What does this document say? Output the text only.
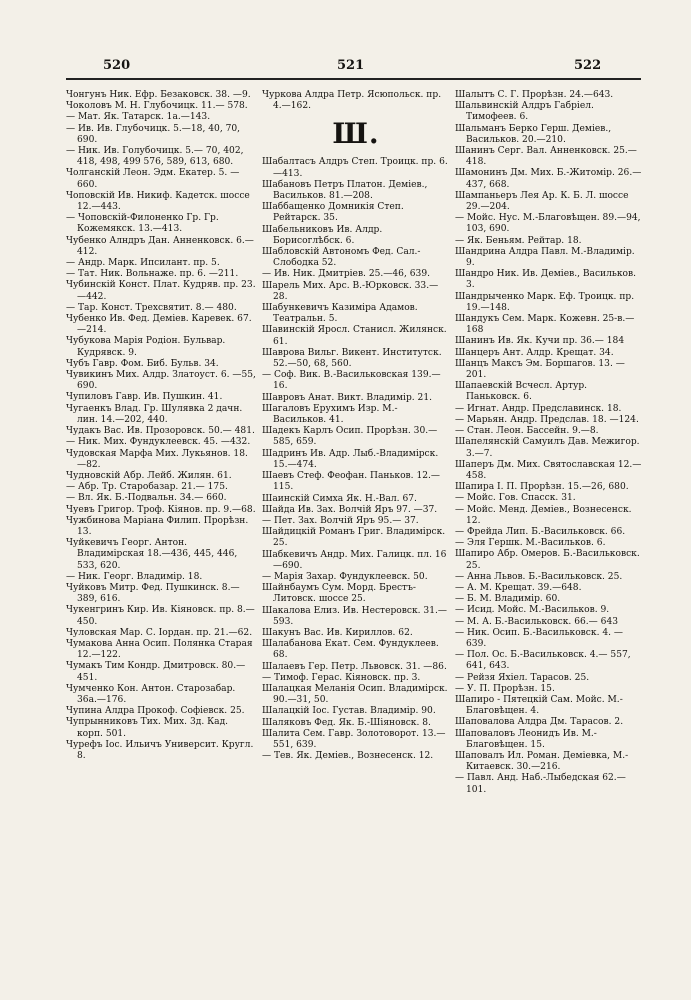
520	521	522
Чонгунъ Ник. Ефр. Безаковск. 38. —9.
Чоколовъ М. Н. Глубочицк. 11.— 578.
— Мат. Як. Татарск. 1а.—143.
— Ив. Ив. Глубочицк. 5.—18, 40, 70, 690.
— Ник. Ив. Голубочицк. 5.— 70, 402, 418, 498, 499 576, 589, 613, 680.
Чолганскій Леон. Эдм. Екатер. 5. —660.
Чоповскій Ив. Никиф. Кадетск. шоссе 12.—443.
— Чоповскій-Филоненко Гр. Гр. Кожемякск. 13.—413.
Чубенко Алндръ Дан. Анненковск. 6.—412.
— Андр. Марк. Ипсилант. пр. 5.
— Тат. Ник. Вольнаже. пр. 6. —211.
Чубинскій Конст. Плат. Кудряв. пр. 23.—442.
— Тар. Конст. Трехсвятит. 8.— 480.
Чубенко Ив. Фед. Деміев. Каревек. 67.—214.
Чубукова Марія Родіон. Бульвар. Кудрявск. 9.
Чубъ Гавр. Фом. Биб. Бульв. 34.
Чувикинъ Мих. Алдр. Златоуст. 6. —55, 690.
Чупиловъ Гавр. Ив. Пушкин. 41.
Чугаенкъ Влад. Гр. Шулявка 2 дачн. лин. 14.—202, 440.
Чудакъ Вас. Ив. Прозоровск. 50.— 481.
— Ник. Мих. Фундуклеевск. 45. —432.
Чудовская Марфа Мих. Лукьянов. 18.—82.
Чудновскій Абр. Лейб. Жилян. 61.
— Абр. Тр. Старобазар. 21.— 175.
— Вл. Як. Б.-Подвальн. 34.— 660.
Чуевъ Григор. Троф. Кіянов. пр. 9.—68.
Чужбинова Маріана Филип. Прорѣзн. 13.
Чуйкевичъ Георг. Антон. Владимірская 18.—436, 445, 446, 533, 620.
— Ник. Георг. Владимір. 18.
Чуйковъ Митр. Фед. Пушкинск. 8.—389, 616.
Чукенгринъ Кир. Ив. Кіяновск. пр. 8.—450.
Чуловская Мар. С. Іордан. пр. 21.—62.
Чумакова Анна Осип. Полянка Старая 12.—122.
Чумакъ Тим Кондр. Дмитровск. 80.—451.
Чумченко Кон. Антон. Старозабар. 36а.—176.
Чупина Алдра Прокоф. Софіевск. 25.
Чупрынниковъ Тих. Мих. 3д. Кад. корп. 501.
Чурефъ Іос. Ильичъ Университ. Кругл. 8.
Чуркова Алдра Петр. Ясюпольск. пр. 4.—162.
Ш.
Шабалтасъ Алдръ Степ. Троицк. пр. 6.—413.
Шабановъ Петръ Платон. Деміев., Васильков. 81.—208.
Шаббащенко Домникія Степ. Рейтарск. 35.
Шабельниковъ Ив. Алдр. Борисоглѣбск. 6.
Шабловскій Автономъ Фед. Сал.-Слободка 52.
— Ив. Ник. Дмитріев. 25.—46, 639.
Шарель Мих. Арс. В.-Юрковск. 33.—28.
Шабункевичъ Казиміра Адамов. Театральн. 5.
Шавинскій Яросл. Станисл. Жилянск. 61.
Шаврова Вильг. Викент. Институтск. 52.—50, 68, 560.
— Соф. Вик. В.-Васильковская 139.—16.
Шавровъ Анат. Викт. Владимір. 21.
Шагаловъ Ерухимъ Изр. М.-Васильков. 41.
Шадекъ Карлъ Осип. Прорѣзн. 30.—585, 659.
Шадринъ Ив. Адр. Лыб.-Владимірск. 15.—474.
Шаевъ Стеф. Феофан. Паньков. 12.—115.
Шаинскій Симха Як. Н.-Вал. 67.
Шайда Ив. Зах. Волчій Яръ 97. —37.
— Пет. Зах. Волчій Яръ 95.— 37.
Шайдицкій Романъ Григ. Владимірск. 25.
Шабкевичъ Андр. Мих. Галицк. пл. 16 —690.
— Марія Захар. Фундуклеевск. 50.
Шайнбаумъ Сум. Морд. Брестъ-Литовск. шоссе 25.
Шакалова Елиз. Ив. Нестеровск. 31.—593.
Шакунъ Вас. Ив. Кириллов. 62.
Шалабанова Екат. Сем. Фундуклеев. 68.
Шалаевъ Гер. Петр. Львовск. 31. —86.
— Тимоф. Герас. Кіяновск. пр. 3.
Шалацкая Меланія Осип. Владимірск. 90.—31, 50.
Шалацкій Іос. Густав. Владимір. 90.
Шаляковъ Фед. Як. Б.-Шіяновск. 8.
Шалита Сем. Гавр. Золотоворот. 13.—551, 639.
— Тев. Як. Деміев., Вознесенск. 12.
Шалытъ С. Г. Прорѣзн. 24.—643.
Шальвинскій Алдръ Габріел. Тимофеев. 6.
Шальманъ Берко Герш. Деміев., Васильков. 20.—210.
Шанинъ Серг. Вал. Анненковск. 25.—418.
Шамонинъ Дм. Мих. Б.-Житомір. 26.—437, 668.
Шампаньеръ Лея Ар. К. Б. Л. шоссе 29.—204.
— Мойс. Нус. М.-Благовѣщен. 89.—94, 103, 690.
— Як. Беньям. Рейтар. 18.
Шандрина Алдра Павл. М.-Владимір. 9.
Шандро Ник. Ив. Деміев., Васильков. 3.
Шандрыченко Марк. Еф. Троицк. пр. 19.—148.
Шандукъ Сем. Марк. Кожевн. 25-в.—168
Шанинъ Ив. Як. Кучи пр. 36.— 184
Шанцеръ Ант. Алдр. Крещат. 34.
Шанцъ Максъ Эм. Боршагов. 13. —201.
Шапаевскій Всчесл. Артур. Паньковск. 6.
— Игнат. Андр. Предславинск. 18.
— Марьян. Андр. Предслав. 18. —124.
— Стан. Леон. Бассейн. 9.—8.
Шапелянскій Самуилъ Дав. Межигор. 3.—7.
Шаперъ Дм. Мих. Святославская 12.—458.
Шапира І. П. Прорѣзн. 15.—26, 680.
— Мойс. Гов. Спасск. 31.
— Мойс. Менд. Деміев., Вознесенск. 12.
— Фрейда Лип. Б.-Васильковск. 66.
— Эля Гершк. М.-Васильков. 6.
Шапиро Абр. Омеров. Б.-Васильковск. 25.
— Анна Львов. Б.-Васильковск. 25.
— А. М. Крещат. 39.—648.
— Б. М. Владимір. 60.
— Исид. Мойс. М.-Васильков. 9.
— М. А. Б.-Васильковск. 66.— 643
— Ник. Осип. Б.-Васильковск. 4. —639.
— Пол. Ос. Б.-Васильковск. 4.— 557, 641, 643.
— Рейзя Яхіел. Тарасов. 25.
— У. П. Прорѣзн. 15.
Шапиро - Пятецкій Сам. Мойс. М.-Благовѣщен. 4.
Шаповалова Алдра Дм. Тарасов. 2.
Шаповаловъ Леонидъ Ив. М.-Благовѣщен. 15.
Шаповалъ Ил. Роман. Деміевка, М.-Китаевск. 30.—216.
— Павл. Анд. Наб.-Лыбедская 62.—101.
